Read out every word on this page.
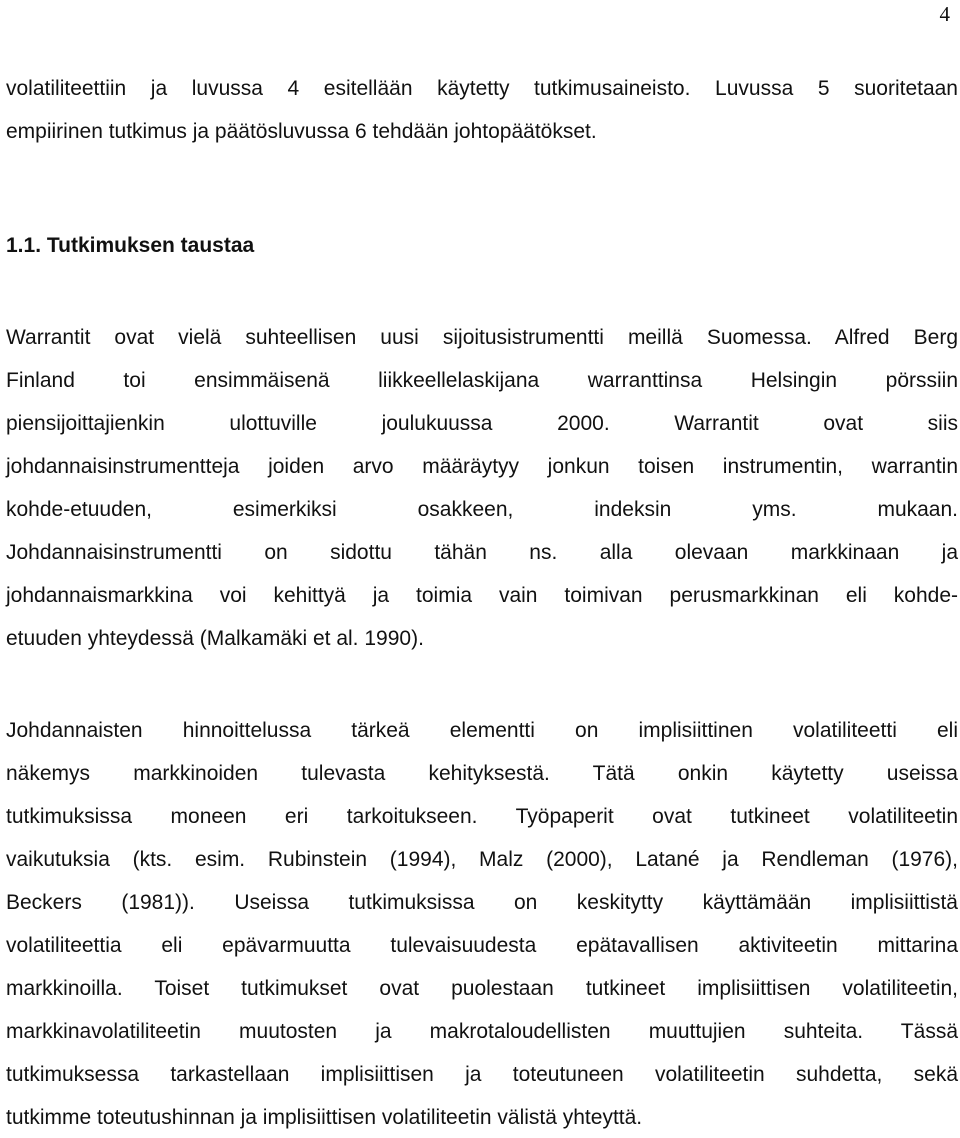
4
volatiliteettiin ja luvussa 4 esitellään käytetty tutkimusaineisto. Luvussa 5 suoritetaan
empiirinen tutkimus ja päätösluvussa 6 tehdään johtopäätökset.
1.1. Tutkimuksen taustaa
Warrantit ovat vielä suhteellisen uusi sijoitusistrumentti meillä Suomessa. Alfred Berg
Finland toi ensimmäisenä liikkeellelaskijana warranttinsa Helsingin pörssiin
piensijoittajienkin ulottuville joulukuussa 2000. Warrantit ovat siis
johdannaisinstrumentteja joiden arvo määräytyy jonkun toisen instrumentin, warrantin
kohde-etuuden, esimerkiksi osakkeen, indeksin yms. mukaan.
Johdannaisinstrumentti on sidottu tähän ns. alla olevaan markkinaan ja
johdannaismarkkina voi kehittyä ja toimia vain toimivan perusmarkkinan eli kohde-
etuuden yhteydessä (Malkamäki et al. 1990).
Johdannaisten hinnoittelussa tärkeä elementti on implisiittinen volatiliteetti eli
näkemys markkinoiden tulevasta kehityksestä. Tätä onkin käytetty useissa
tutkimuksissa moneen eri tarkoitukseen. Työpaperit ovat tutkineet volatiliteetin
vaikutuksia (kts. esim. Rubinstein (1994), Malz (2000), Latané ja Rendleman (1976),
Beckers (1981)). Useissa tutkimuksissa on keskitytty käyttämään implisiittistä
volatiliteettia eli epävarmuutta tulevaisuudesta epätavallisen aktiviteetin mittarina
markkinoilla. Toiset tutkimukset ovat puolestaan tutkineet implisiittisen volatiliteetin,
markkinavolatiliteetin muutosten ja makrotaloudellisten muuttujien suhteita. Tässä
tutkimuksessa tarkastellaan implisiittisen ja toteutuneen volatiliteetin suhdetta, sekä
tutkimme toteutushinnan ja implisiittisen volatiliteetin välistä yhteyttä.
